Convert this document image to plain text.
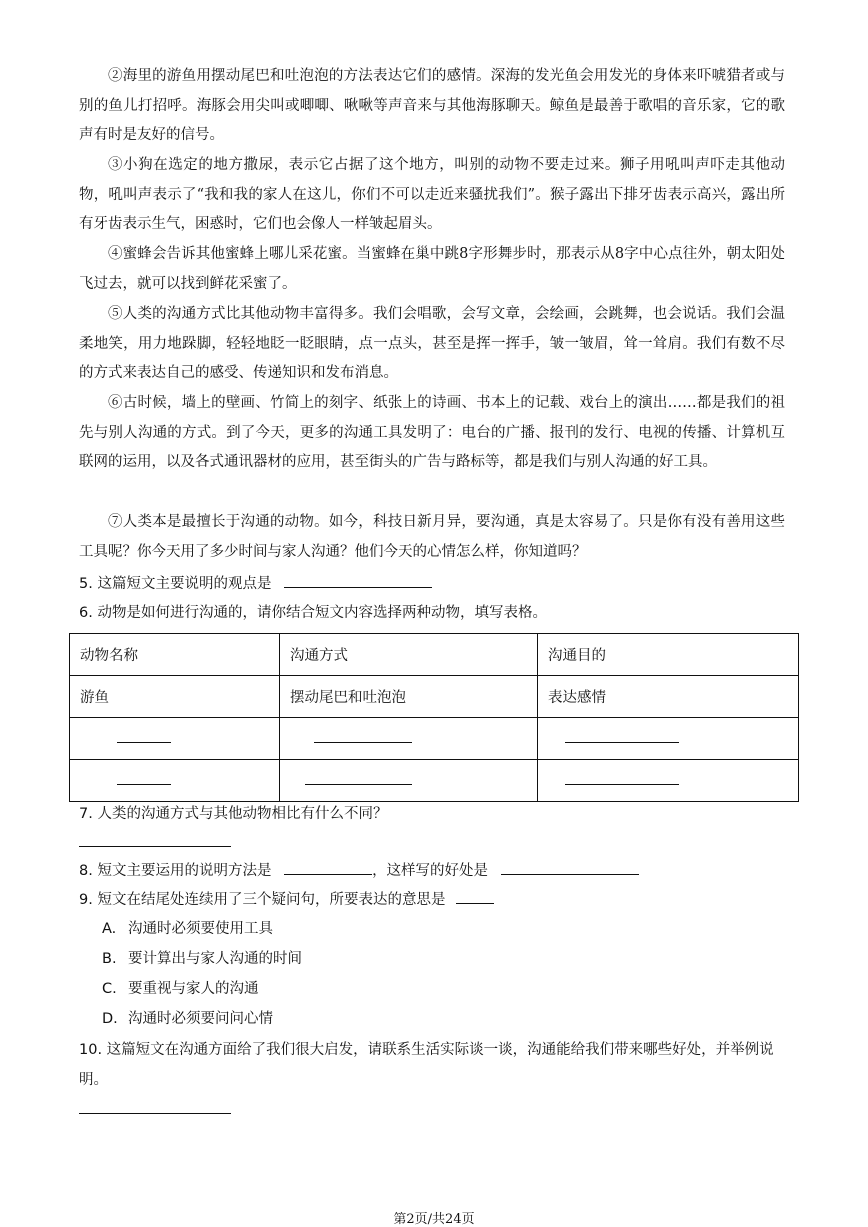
②海里的游鱼用摆动尾巴和吐泡泡的方法表达它们的感情。深海的发光鱼会用发光的身体来吓唬猎者或与别的鱼儿打招呼。海豚会用尖叫或唧唧、啾啾等声音来与其他海豚聊天。鲸鱼是最善于歌唱的音乐家，它的歌声有时是友好的信号。

③小狗在选定的地方撒尿，表示它占据了这个地方，叫别的动物不要走过来。狮子用吼叫声吓走其他动物，吼叫声表示了“我和我的家人在这儿，你们不可以走近来骚扰我们”。猴子露出下排牙齿表示高兴，露出所有牙齿表示生气，困惑时，它们也会像人一样皱起眉头。

④蜜蜂会告诉其他蜜蜂上哪儿采花蜜。当蜜蜂在巢中跳8字形舞步时，那表示从8字中心点往外，朝太阳处飞过去，就可以找到鲜花采蜜了。

⑤人类的沟通方式比其他动物丰富得多。我们会唱歌，会写文章，会绘画，会跳舞，也会说话。我们会温柔地笑，用力地跺脚，轻轻地眨一眨眼睛，点一点头，甚至是挥一挥手，皱一皱眉，耸一耸肩。我们有数不尽的方式来表达自己的感受、传递知识和发布消息。

⑥古时候，墙上的壁画、竹简上的刻字、纸张上的诗画、书本上的记载、戏台上的演出……都是我们的祖先与别人沟通的方式。到了今天，更多的沟通工具发明了：电台的广播、报刊的发行、电视的传播、计算机互联网的运用，以及各式通讯器材的应用，甚至街头的广告与路标等，都是我们与别人沟通的好工具。

⑦人类本是最擅长于沟通的动物。如今，科技日新月异，要沟通，真是太容易了。只是你有没有善用这些工具呢？你今天用了多少时间与家人沟通？他们今天的心情怎么样，你知道吗？

5. 这篇短文主要说明的观点是
6. 动物是如何进行沟通的，请你结合短文内容选择两种动物，填写表格。
动物名称	沟通方式	沟通目的
游鱼	摆动尾巴和吐泡泡	表达感情

7. 人类的沟通方式与其他动物相比有什么不同？
8. 短文主要运用的说明方法是	，这样写的好处是
9. 短文在结尾处连续用了三个疑问句，所要表达的意思是
A. 沟通时必须要使用工具
B. 要计算出与家人沟通的时间
C. 要重视与家人的沟通
D. 沟通时必须要问问心情
10. 这篇短文在沟通方面给了我们很大启发，请联系生活实际谈一谈，沟通能给我们带来哪些好处，并举例说明。
第2页/共24页
